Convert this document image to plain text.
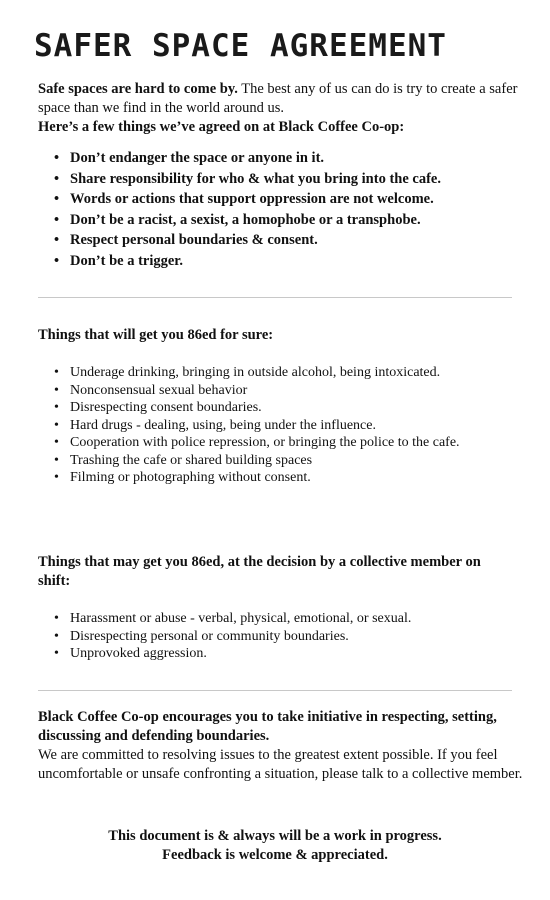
SAFER SPACE AGREEMENT

Safe spaces are hard to come by. The best any of us can do is try to create a safer space than we find in the world around us.
Here’s a few things we’ve agreed on at Black Coffee Co-op:

• Don’t endanger the space or anyone in it.
• Share responsibility for who & what you bring into the cafe.
• Words or actions that support oppression are not welcome.
• Don’t be a racist, a sexist, a homophobe or a transphobe.
• Respect personal boundaries & consent.
• Don’t be a trigger.

Things that will get you 86ed for sure:

• Underage drinking, bringing in outside alcohol, being intoxicated.
• Nonconsensual sexual behavior
• Disrespecting consent boundaries.
• Hard drugs - dealing, using, being under the influence.
• Cooperation with police repression, or bringing the police to the cafe.
• Trashing the cafe or shared building spaces
• Filming or photographing without consent.

Things that may get you 86ed, at the decision by a collective member on shift:

• Harassment or abuse - verbal, physical, emotional, or sexual.
• Disrespecting personal or community boundaries.
• Unprovoked aggression.

Black Coffee Co-op encourages you to take initiative in respecting, setting, discussing and defending boundaries.
We are committed to resolving issues to the greatest extent possible. If you feel uncomfortable or unsafe confronting a situation, please talk to a collective member.

This document is & always will be a work in progress.
Feedback is welcome & appreciated.
